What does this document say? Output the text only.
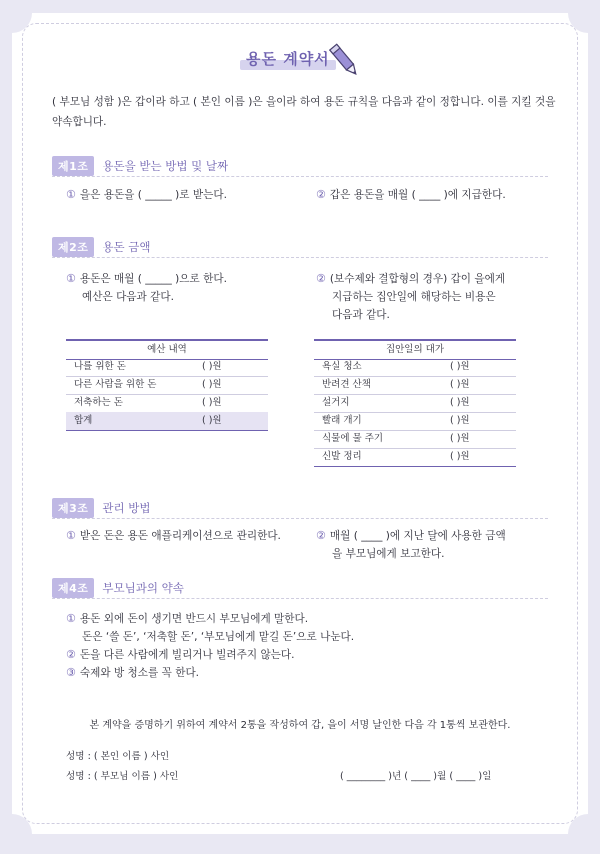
용돈 계약서
( 부모님 성함 )은 갑이라 하고 ( 본인 이름 )은 을이라 하여 용돈 규칙을 다음과 같이 정합니다. 이를 지킬 것을 약속합니다.
제1조	용돈을 받는 방법 및 날짜
① 을은 용돈을 ( _____ )로 받는다.	② 갑은 용돈을 매월 ( ____ )에 지급한다.
제2조	용돈 금액
① 용돈은 매월 ( _____ )으로 한다.
예산은 다음과 같다.
② (보수제와 결합형의 경우) 갑이 을에게
지급하는 집안일에 해당하는 비용은
다음과 같다.
예산 내역
나를 위한 돈	( )원
다른 사람을 위한 돈	( )원
저축하는 돈	( )원
합계	( )원
집안일의 대가
욕실 청소	( )원
반려견 산책	( )원
설거지	( )원
빨래 개기	( )원
식물에 물 주기	( )원
신발 정리	( )원
제3조	관리 방법
① 받은 돈은 용돈 애플리케이션으로 관리한다.	② 매월 ( ____ )에 지난 달에 사용한 금액
을 부모님에게 보고한다.
제4조	부모님과의 약속
① 용돈 외에 돈이 생기면 반드시 부모님에게 말한다.
돈은 ‘쓸 돈’, ‘저축할 돈’, ‘부모님에게 맡길 돈’으로 나눈다.
② 돈을 다른 사람에게 빌리거나 빌려주지 않는다.
③ 숙제와 방 청소를 꼭 한다.
본 계약을 증명하기 위하여 계약서 2통을 작성하여 갑, 을이 서명 날인한 다음 각 1통씩 보관한다.
성명 : ( 본인 이름 ) 사인
성명 : ( 부모님 이름 ) 사인	( ________ )년 ( ____ )월 ( ____ )일
